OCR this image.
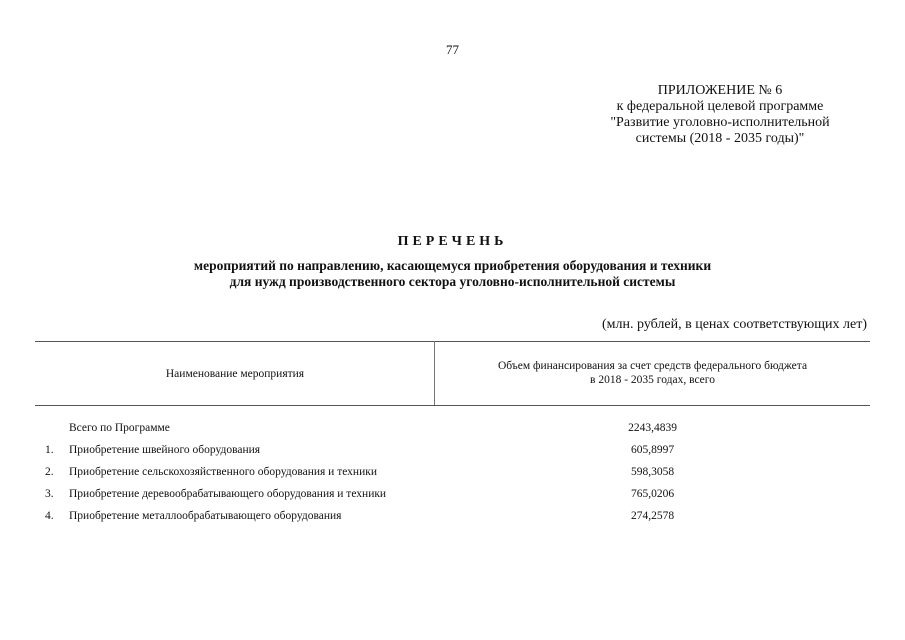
77
ПРИЛОЖЕНИЕ № 6
к федеральной целевой программе
"Развитие уголовно-исполнительной
системы (2018 - 2035 годы)"
ПЕРЕЧЕНЬ
мероприятий по направлению, касающемуся приобретения оборудования и техники
для нужд производственного сектора уголовно-исполнительной системы
(млн. рублей, в ценах соответствующих лет)
Наименование мероприятия
Объем финансирования за счет средств федерального бюджета
в 2018 - 2035 годах, всего
Всего по Программе	2243,4839
1. Приобретение швейного оборудования	605,8997
2. Приобретение сельскохозяйственного оборудования и техники	598,3058
3. Приобретение деревообрабатывающего оборудования и техники	765,0206
4. Приобретение металлообрабатывающего оборудования	274,2578
